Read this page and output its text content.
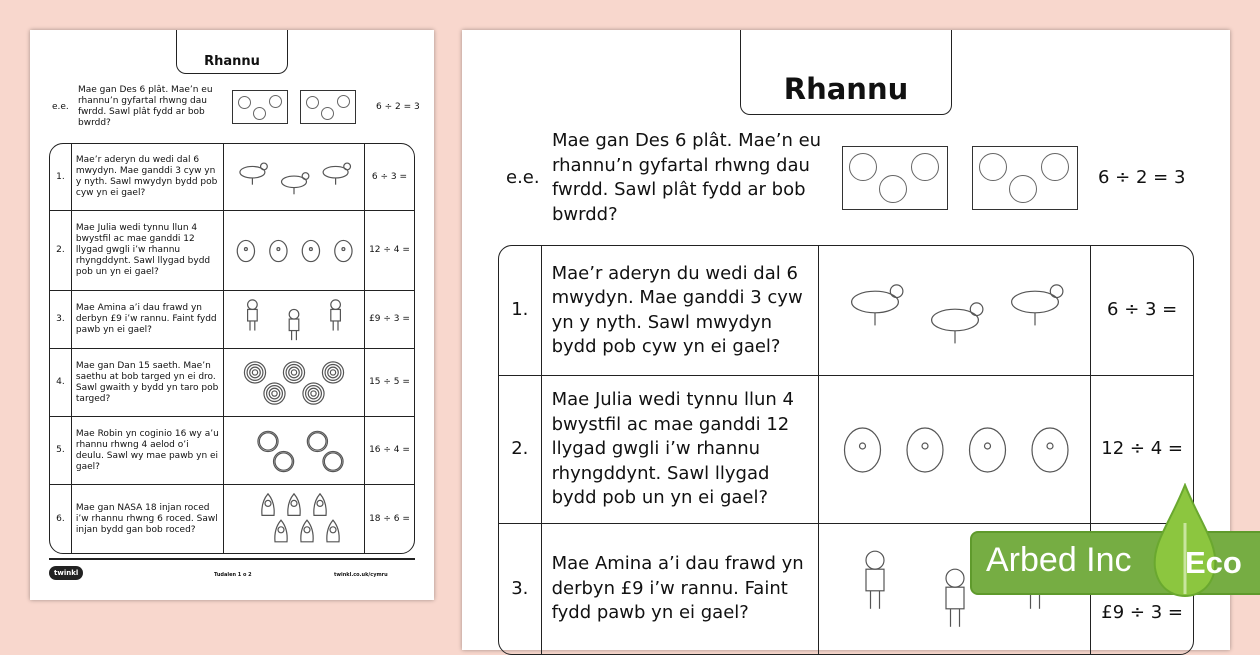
Rhannu
e.e.
Mae gan Des 6 plât. Mae’n eu rhannu’n gyfartal rhwng dau fwrdd. Sawl plât fydd ar bob bwrdd?
6 ÷ 2 = 3
1.	Mae’r aderyn du wedi dal 6 mwydyn. Mae ganddi 3 cyw yn y nyth. Sawl mwydyn bydd pob cyw yn ei gael?		6 ÷ 3 =
2.	Mae Julia wedi tynnu llun 4 bwystfil ac mae ganddi 12 llygad gwgli i’w rhannu rhyngddynt. Sawl llygad bydd pob un yn ei gael?		12 ÷ 4 =
3.	Mae Amina a’i dau frawd yn derbyn £9 i’w rannu. Faint fydd pawb yn ei gael?		£9 ÷ 3 =
4.	Mae gan Dan 15 saeth. Mae’n saethu at bob targed yn ei dro. Sawl gwaith y bydd yn taro pob targed?		15 ÷ 5 =
5.	Mae Robin yn coginio 16 wy a’u rhannu rhwng 4 aelod o’i deulu. Sawl wy mae pawb yn ei gael?		16 ÷ 4 =
6.	Mae gan NASA 18 injan roced i’w rhannu rhwng 6 roced. Sawl injan bydd gan bob roced?		18 ÷ 6 =
twinkl	Tudalen 1 o 2	twinkl.co.uk/cymru
Rhannu
e.e.
Mae gan Des 6 plât. Mae’n eu rhannu’n gyfartal rhwng dau fwrdd. Sawl plât fydd ar bob bwrdd?
6 ÷ 2 = 3
1.	Mae’r aderyn du wedi dal 6 mwydyn. Mae ganddi 3 cyw yn y nyth. Sawl mwydyn bydd pob cyw yn ei gael?		6 ÷ 3 =
2.	Mae Julia wedi tynnu llun 4 bwystfil ac mae ganddi 12 llygad gwgli i’w rhannu rhyngddynt. Sawl llygad bydd pob un yn ei gael?		12 ÷ 4 =
3.	Mae Amina a’i dau frawd yn derbyn £9 i’w rannu. Faint fydd pawb yn ei gael?		£9 ÷ 3 =
Arbed Inc Eco
